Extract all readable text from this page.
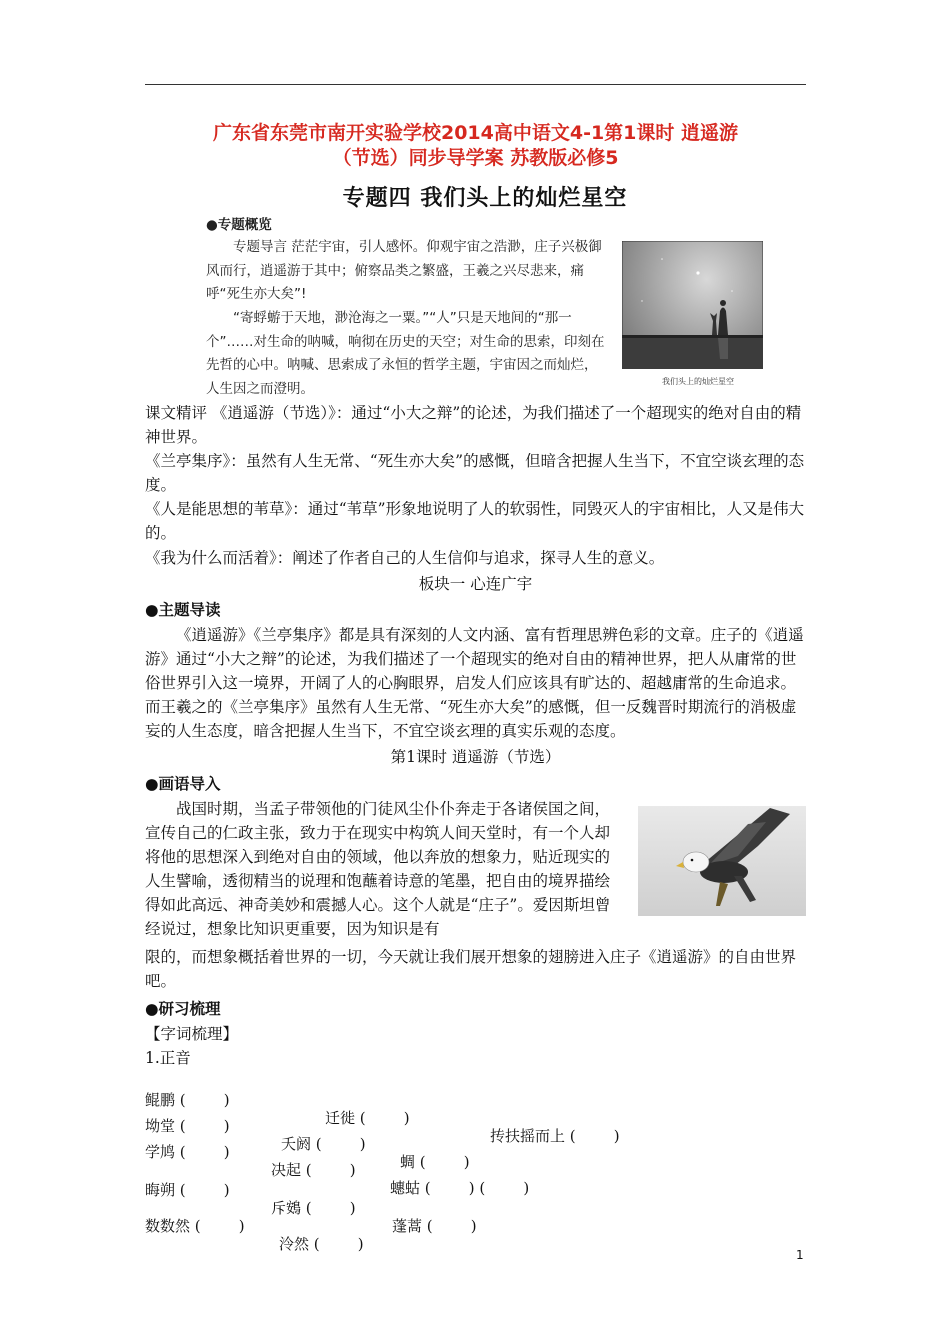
广东省东莞市南开实验学校2014高中语文4-1第1课时 逍遥游
（节选）同步导学案 苏教版必修5
专题四 我们头上的灿烂星空
●专题概览
专题导言 茫茫宇宙，引人感怀。仰观宇宙之浩渺，庄子兴极御风而行，逍遥游于其中；俯察品类之繁盛，王羲之兴尽悲来，痛呼“死生亦大矣”!
“寄蜉蝣于天地，渺沧海之一粟。”“人”只是天地间的“那一个”……对生命的呐喊，响彻在历史的天空；对生命的思索，印刻在先哲的心中。呐喊、思索成了永恒的哲学主题，宇宙因之而灿烂，人生因之而澄明。	我们头上的灿烂星空
课文精评 《逍遥游（节选）》：通过“小大之辩”的论述，为我们描述了一个超现实的绝对自由的精神世界。
《兰亭集序》：虽然有人生无常、“死生亦大矣”的感慨，但暗含把握人生当下，不宜空谈玄理的态度。
《人是能思想的苇草》：通过“苇草”形象地说明了人的软弱性，同毁灭人的宇宙相比，人又是伟大的。
《我为什么而活着》：阐述了作者自己的人生信仰与追求，探寻人生的意义。
板块一 心连广宇
●主题导读
《逍遥游》《兰亭集序》都是具有深刻的人文内涵、富有哲理思辨色彩的文章。庄子的《逍遥游》通过“小大之辩”的论述，为我们描述了一个超现实的绝对自由的精神世界，把人从庸常的世俗世界引入这一境界，开阔了人的心胸眼界，启发人们应该具有旷达的、超越庸常的生命追求。而王羲之的《兰亭集序》虽然有人生无常、“死生亦大矣”的感慨，但一反魏晋时期流行的消极虚妄的人生态度，暗含把握人生当下，不宜空谈玄理的真实乐观的态度。
第1课时 逍遥游（节选）
●画语导入
战国时期，当孟子带领他的门徒风尘仆仆奔走于各诸侯国之间，宣传自己的仁政主张，致力于在现实中构筑人间天堂时，有一个人却将他的思想深入到绝对自由的领域，他以奔放的想象力，贴近现实的人生譬喻，透彻精当的说理和饱蘸着诗意的笔墨，把自由的境界描绘得如此高远、神奇美妙和震撼人心。这个人就是“庄子”。爱因斯坦曾经说过，想象比知识更重要，因为知识是有
限的，而想象概括着世界的一切，今天就让我们展开想象的翅膀进入庄子《逍遥游》的自由世界吧。
●研习梳理
【字词梳理】
1.正音

鲲鹏 (        )

迁徙 (        )

抟扶摇而上 (        )

坳堂 (        )

夭阏 (        )

蜩 (        )

学鸠 (        )

决起 (        )

蟪蛄 (        ) (        )

晦朔 (        )

斥鴳 (        )

蓬蒿 (        )

数数然 (        )

泠然 (        )

1
